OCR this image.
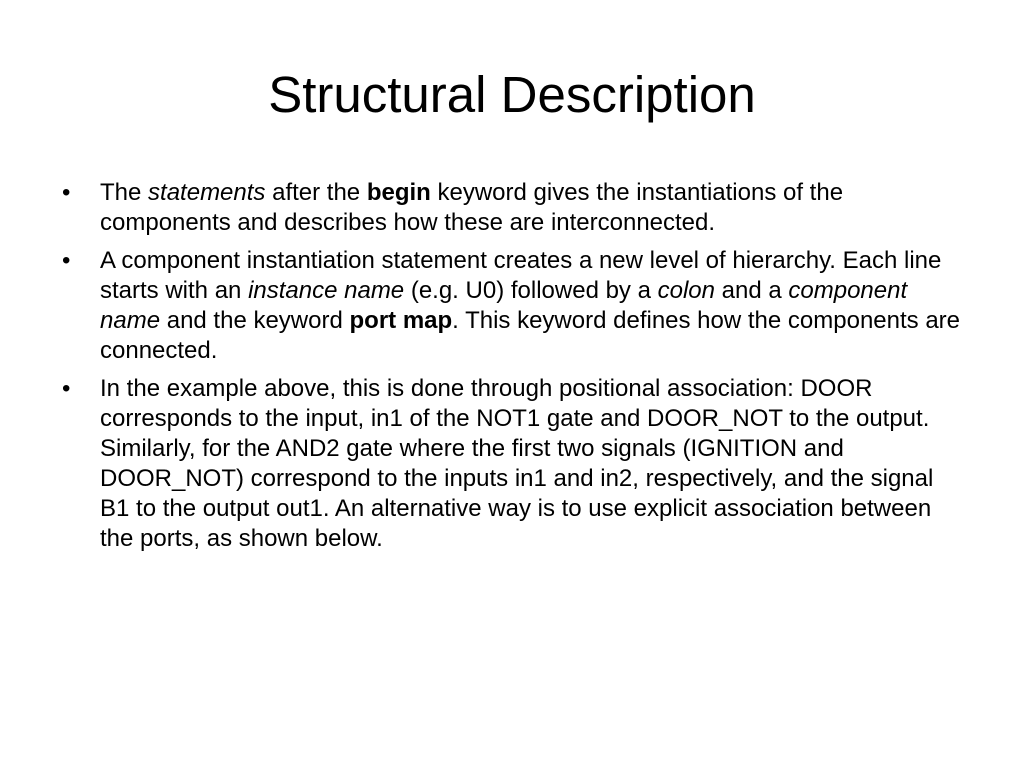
Structural Description
•	The statements after the begin keyword gives the instantiations of the components and describes how these are interconnected.
•	A component instantiation statement creates a new level of hierarchy. Each line starts with an instance name (e.g. U0) followed by a colon and a component name and the keyword port map. This keyword defines how the components are connected.
•	In the example above, this is done through positional association: DOOR corresponds to the input, in1 of the NOT1 gate and DOOR_NOT to the output. Similarly, for the AND2 gate where the first two signals (IGNITION and DOOR_NOT) correspond to the inputs in1 and in2, respectively, and the signal B1 to the output out1. An alternative way is to use explicit association between the ports, as shown below.
